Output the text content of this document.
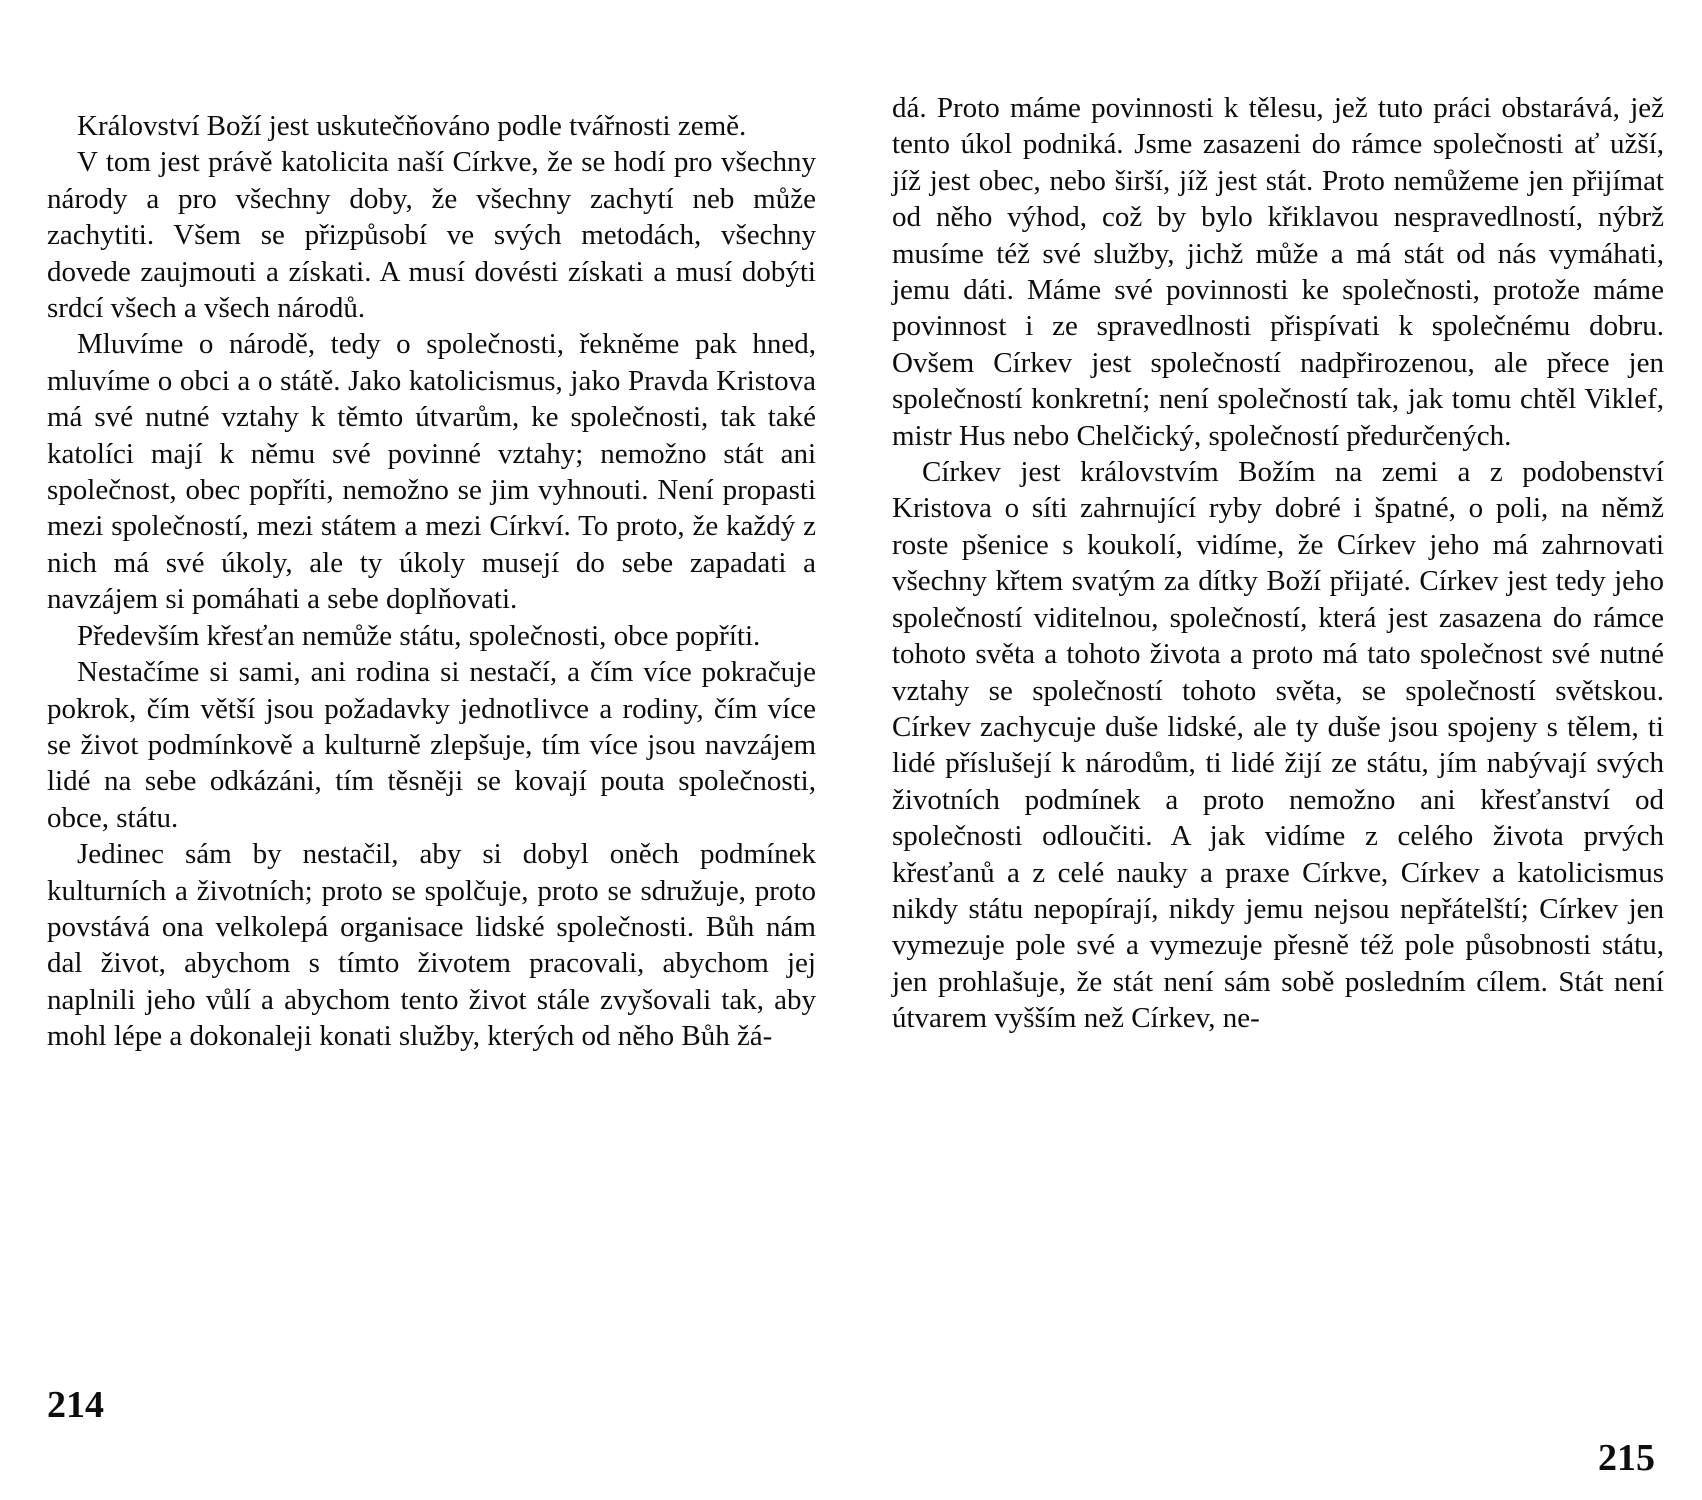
Království Boží jest uskutečňováno podle tvářnosti země.

V tom jest právě katolicita naší Církve, že se hodí pro všechny národy a pro všechny doby, že všechny zachytí neb může zachytiti. Všem se přizpůsobí ve svých metodách, všechny dovede zaujmouti a získati. A musí dovésti získati a musí dobýti srdcí všech a všech národů.

Mluvíme o národě, tedy o společnosti, řekněme pak hned, mluvíme o obci a o státě. Jako katolicismus, jako Pravda Kristova má své nutné vztahy k těmto útvarům, ke společnosti, tak také katolíci mají k němu své povinné vztahy; nemožno stát ani společnost, obec popříti, nemožno se jim vyhnouti. Není propasti mezi společností, mezi státem a mezi Církví. To proto, že každý z nich má své úkoly, ale ty úkoly musejí do sebe zapadati a navzájem si pomáhati a sebe doplňovati.

Především křesťan nemůže státu, společnosti, obce popříti.

Nestačíme si sami, ani rodina si nestačí, a čím více pokračuje pokrok, čím větší jsou požadavky jednotlivce a rodiny, čím více se život podmínkově a kulturně zlepšuje, tím více jsou navzájem lidé na sebe odkázáni, tím těsněji se kovají pouta společnosti, obce, státu.

Jedinec sám by nestačil, aby si dobyl oněch podmínek kulturních a životních; proto se spolčuje, proto se sdružuje, proto povstává ona velkolepá organisace lidské společnosti. Bůh nám dal život, abychom s tímto životem pracovali, abychom jej naplnili jeho vůlí a abychom tento život stále zvyšovali tak, aby mohl lépe a dokonaleji konati služby, kterých od něho Bůh žá-

214

dá. Proto máme povinnosti k tělesu, jež tuto práci obstarává, jež tento úkol podniká. Jsme zasazeni do rámce společnosti ať užší, jíž jest obec, nebo širší, jíž jest stát. Proto nemůžeme jen přijímat od něho výhod, což by bylo křiklavou nespravedlností, nýbrž musíme též své služby, jichž může a má stát od nás vymáhati, jemu dáti. Máme své povinnosti ke společnosti, protože máme povinnost i ze spravedlnosti přispívati k společnému dobru. Ovšem Církev jest společností nadpřirozenou, ale přece jen společností konkretní; není společností tak, jak tomu chtěl Viklef, mistr Hus nebo Chelčický, společností předurčených.

Církev jest královstvím Božím na zemi a z podobenství Kristova o síti zahrnující ryby dobré i špatné, o poli, na němž roste pšenice s koukolí, vidíme, že Církev jeho má zahrnovati všechny křtem svatým za dítky Boží přijaté. Církev jest tedy jeho společností viditelnou, společností, která jest zasazena do rámce tohoto světa a tohoto života a proto má tato společnost své nutné vztahy se společností tohoto světa, se společností světskou. Církev zachycuje duše lidské, ale ty duše jsou spojeny s tělem, ti lidé příslušejí k národům, ti lidé žijí ze státu, jím nabývají svých životních podmínek a proto nemožno ani křesťanství od společnosti odloučiti. A jak vidíme z celého života prvých křesťanů a z celé nauky a praxe Církve, Církev a katolicismus nikdy státu nepopírají, nikdy jemu nejsou nepřátelští; Církev jen vymezuje pole své a vymezuje přesně též pole působnosti státu, jen prohlašuje, že stát není sám sobě posledním cílem. Stát není útvarem vyšším než Církev, ne-

215
